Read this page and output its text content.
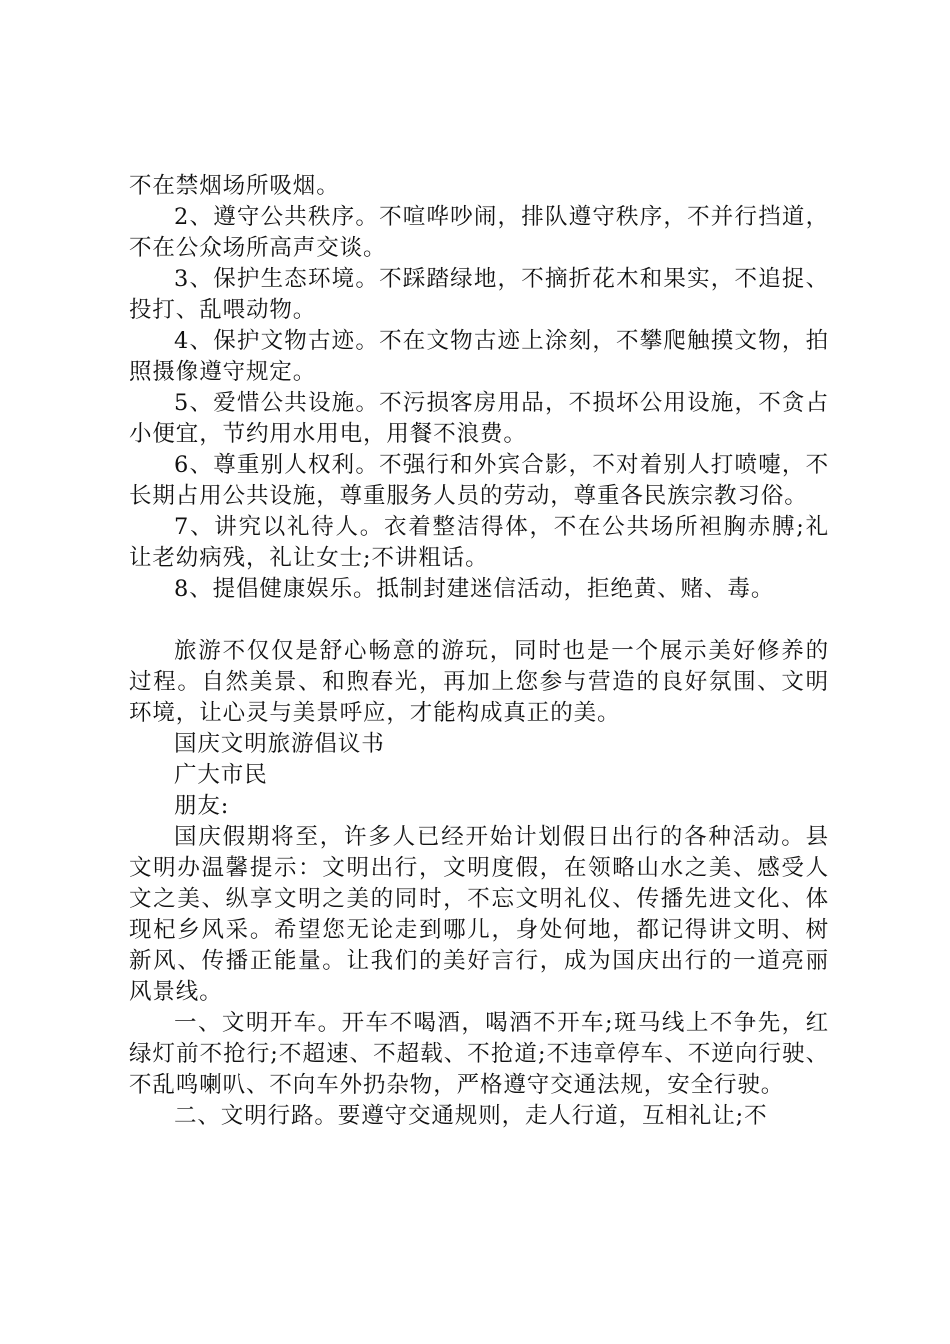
不在禁烟场所吸烟。

2、遵守公共秩序。不喧哗吵闹，排队遵守秩序，不并行挡道，不在公众场所高声交谈。

3、保护生态环境。不踩踏绿地，不摘折花木和果实，不追捉、投打、乱喂动物。

4、保护文物古迹。不在文物古迹上涂刻，不攀爬触摸文物，拍照摄像遵守规定。

5、爱惜公共设施。不污损客房用品，不损坏公用设施，不贪占小便宜，节约用水用电，用餐不浪费。

6、尊重别人权利。不强行和外宾合影，不对着别人打喷嚏，不长期占用公共设施，尊重服务人员的劳动，尊重各民族宗教习俗。

7、讲究以礼待人。衣着整洁得体，不在公共场所袒胸赤膊;礼让老幼病残，礼让女士;不讲粗话。

8、提倡健康娱乐。抵制封建迷信活动，拒绝黄、赌、毒。

旅游不仅仅是舒心畅意的游玩，同时也是一个展示美好修养的过程。自然美景、和煦春光，再加上您参与营造的良好氛围、文明环境，让心灵与美景呼应，才能构成真正的美。

国庆文明旅游倡议书

广大市民

朋友:

国庆假期将至，许多人已经开始计划假日出行的各种活动。县文明办温馨提示：文明出行，文明度假，在领略山水之美、感受人文之美、纵享文明之美的同时，不忘文明礼仪、传播先进文化、体现杞乡风采。希望您无论走到哪儿，身处何地，都记得讲文明、树新风、传播正能量。让我们的美好言行，成为国庆出行的一道亮丽风景线。

一、文明开车。开车不喝酒，喝酒不开车;斑马线上不争先，红绿灯前不抢行;不超速、不超载、不抢道;不违章停车、不逆向行驶、不乱鸣喇叭、不向车外扔杂物，严格遵守交通法规，安全行驶。

二、文明行路。要遵守交通规则，走人行道，互相礼让;不
